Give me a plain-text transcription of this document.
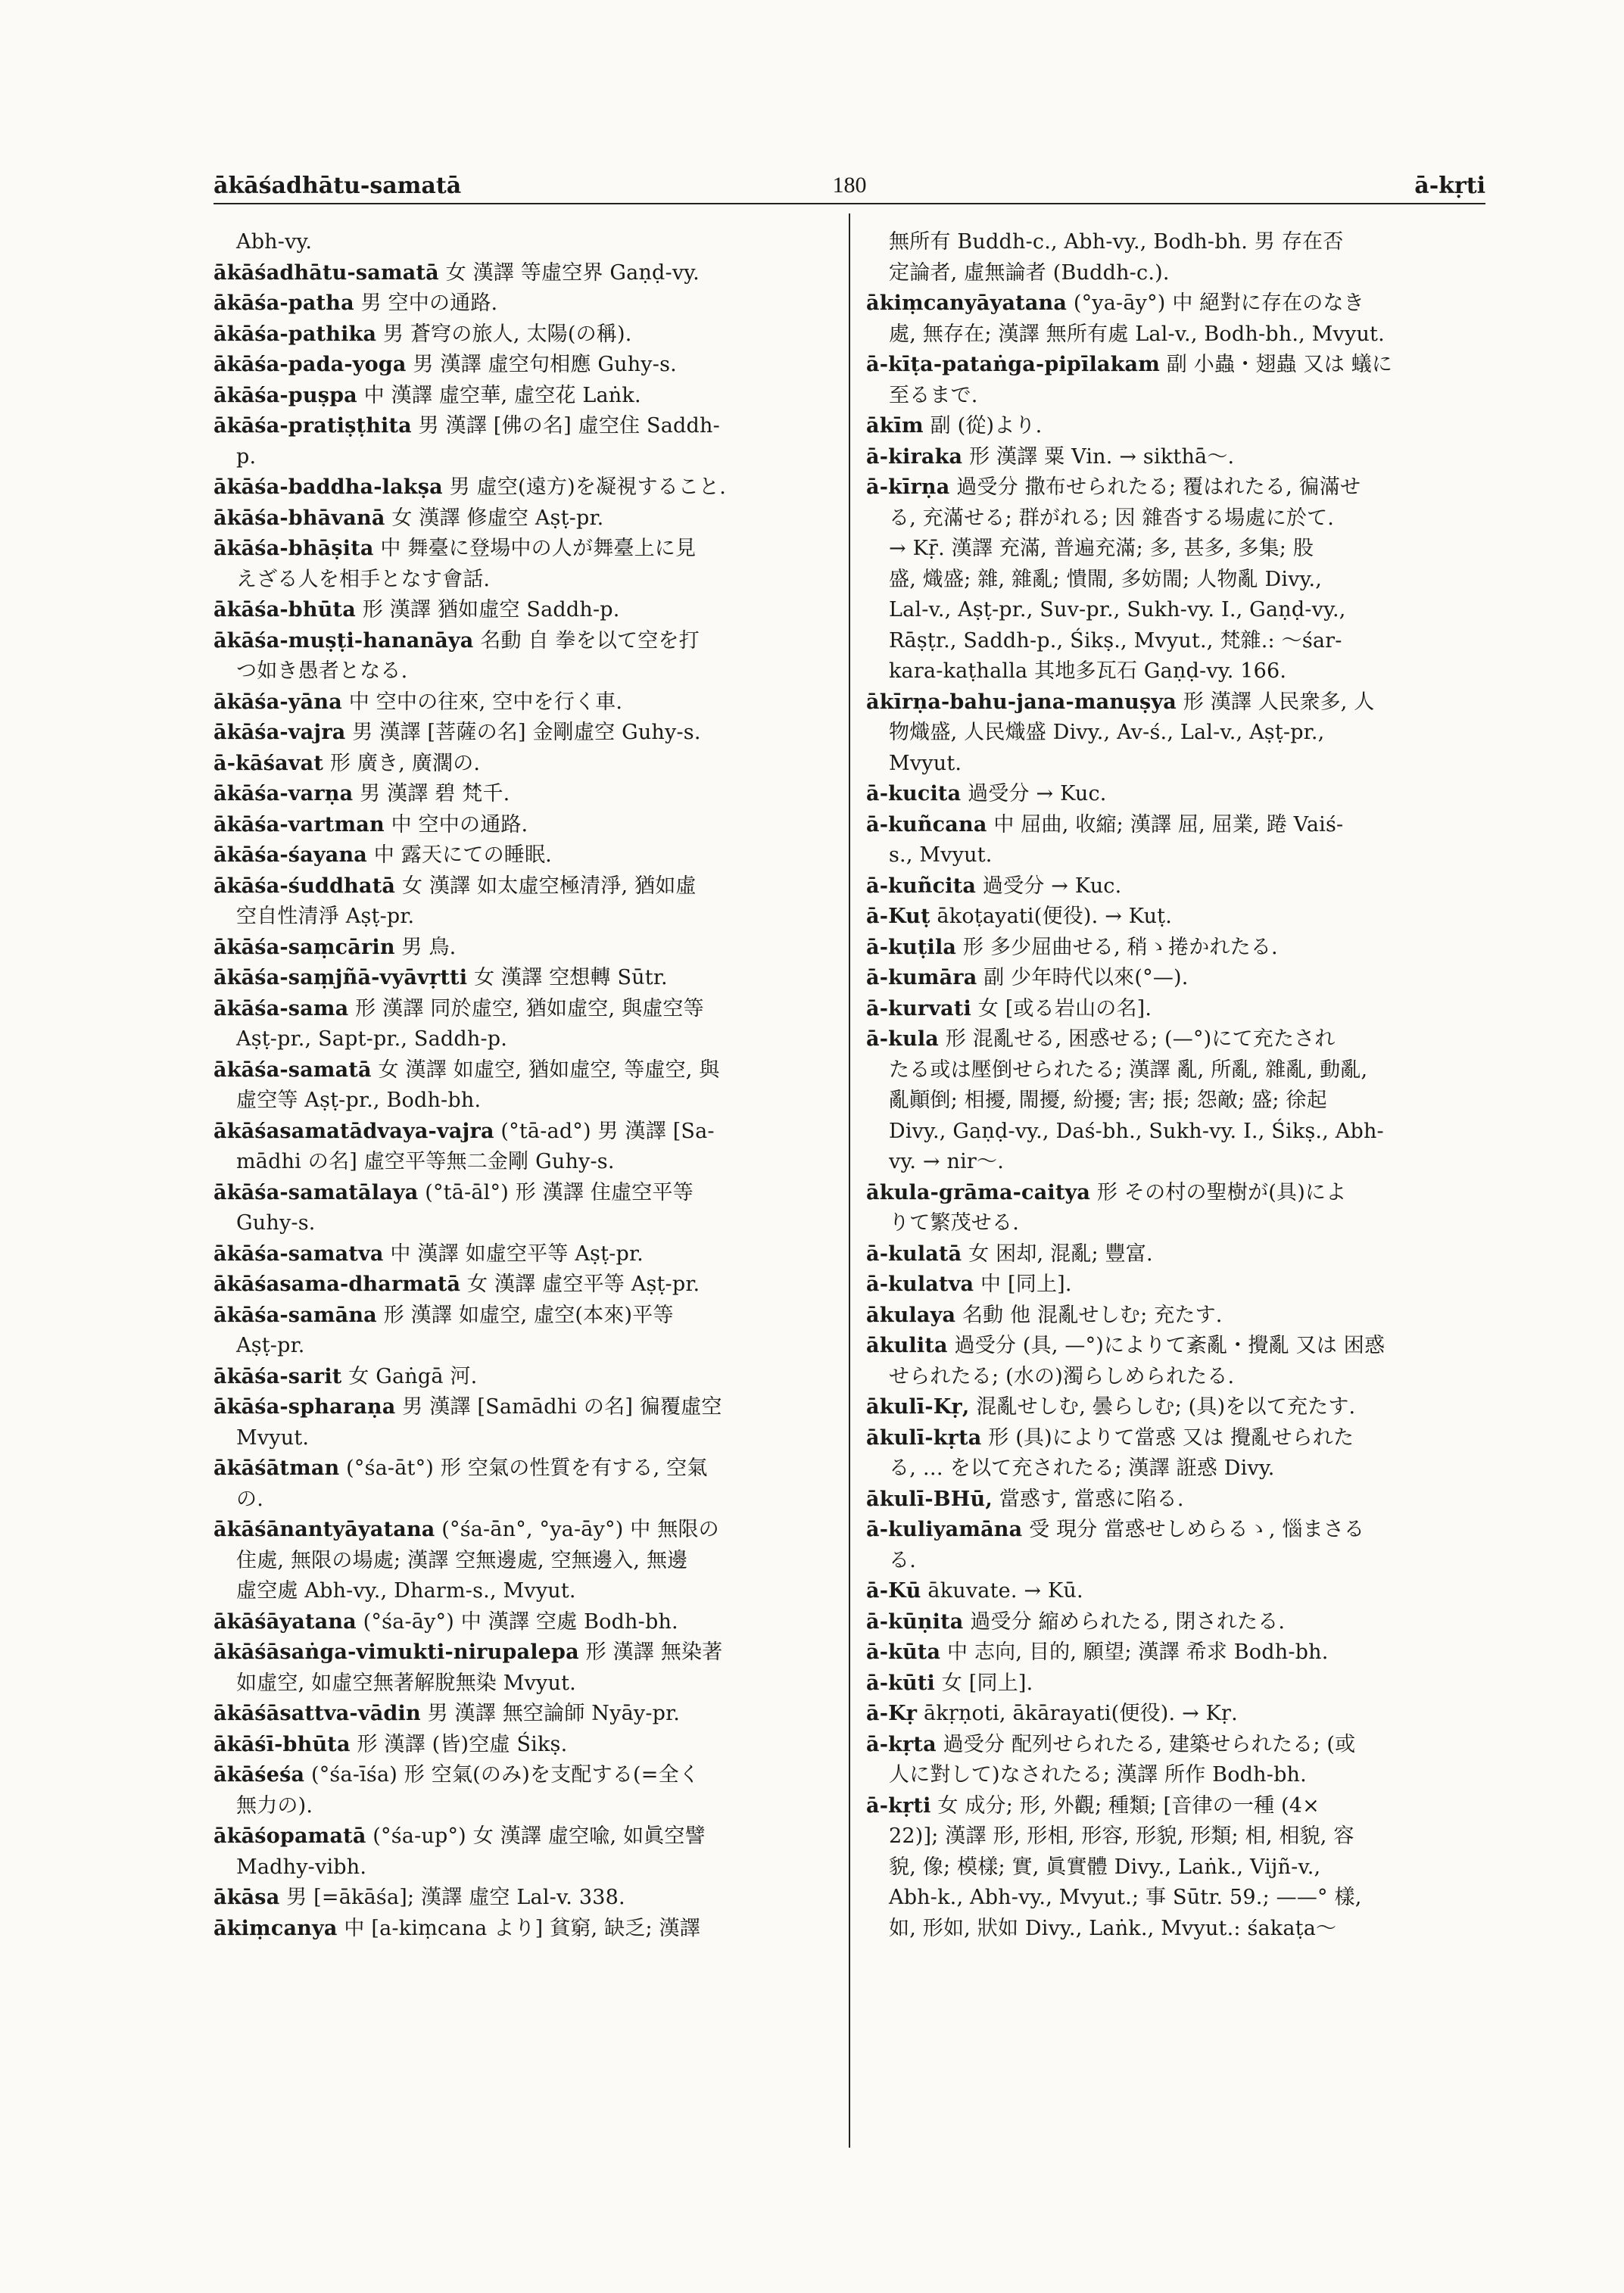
ākāśadhātu-samatā	180	ā-kṛti
Abh-vy.
ākāśadhātu-samatā 女 漢譯 等虛空界 Gaṇḍ-vy.
ākāśa-patha 男 空中の通路.
ākāśa-pathika 男 蒼穹の旅人, 太陽(の稱).
ākāśa-pada-yoga 男 漢譯 虛空句相應 Guhy-s.
ākāśa-puṣpa 中 漢譯 虛空華, 虛空花 Laṅk.
ākāśa-pratiṣṭhita 男 漢譯 [佛の名] 虛空住 Saddh-
p.
ākāśa-baddha-lakṣa 男 虛空(遠方)を凝視すること.
ākāśa-bhāvanā 女 漢譯 修虛空 Aṣṭ-pr.
ākāśa-bhāṣita 中 舞臺に登場中の人が舞臺上に見
えざる人を相手となす會話.
ākāśa-bhūta 形 漢譯 猶如虛空 Saddh-p.
ākāśa-muṣṭi-hananāya 名動 自 拳を以て空を打
つ如き愚者となる.
ākāśa-yāna 中 空中の往來, 空中を行く車.
ākāśa-vajra 男 漢譯 [菩薩の名] 金剛虛空 Guhy-s.
ā-kāśavat 形 廣き, 廣濶の.
ākāśa-varṇa 男 漢譯 碧 梵千.
ākāśa-vartman 中 空中の通路.
ākāśa-śayana 中 露天にての睡眠.
ākāśa-śuddhatā 女 漢譯 如太虛空極清淨, 猶如虛
空自性清淨 Aṣṭ-pr.
ākāśa-saṃcārin 男 鳥.
ākāśa-saṃjñā-vyāvṛtti 女 漢譯 空想轉 Sūtr.
ākāśa-sama 形 漢譯 同於虛空, 猶如虛空, 與虛空等
Aṣṭ-pr., Sapt-pr., Saddh-p.
ākāśa-samatā 女 漢譯 如虛空, 猶如虛空, 等虛空, 與
虛空等 Aṣṭ-pr., Bodh-bh.
ākāśasamatādvaya-vajra (°tā-ad°) 男 漢譯 [Sa-
mādhi の名] 虛空平等無二金剛 Guhy-s.
ākāśa-samatālaya (°tā-āl°) 形 漢譯 住虛空平等
Guhy-s.
ākāśa-samatva 中 漢譯 如虛空平等 Aṣṭ-pr.
ākāśasama-dharmatā 女 漢譯 虛空平等 Aṣṭ-pr.
ākāśa-samāna 形 漢譯 如虛空, 虛空(本來)平等
Aṣṭ-pr.
ākāśa-sarit 女 Gaṅgā 河.
ākāśa-spharaṇa 男 漢譯 [Samādhi の名] 徧覆虛空
Mvyut.
ākāśātman (°śa-āt°) 形 空氣の性質を有する, 空氣
の.
ākāśānantyāyatana (°śa-ān°, °ya-āy°) 中 無限の
住處, 無限の場處; 漢譯 空無邊處, 空無邊入, 無邊
虛空處 Abh-vy., Dharm-s., Mvyut.
ākāśāyatana (°śa-āy°) 中 漢譯 空處 Bodh-bh.
ākāśāsaṅga-vimukti-nirupalepa 形 漢譯 無染著
如虛空, 如虛空無著解脫無染 Mvyut.
ākāśāsattva-vādin 男 漢譯 無空論師 Nyāy-pr.
ākāśī-bhūta 形 漢譯 (皆)空虛 Śikṣ.
ākāśeśa (°śa-īśa) 形 空氣(のみ)を支配する(=全く
無力の).
ākāśopamatā (°śa-up°) 女 漢譯 虛空喩, 如眞空譬
Madhy-vibh.
ākāsa 男 [=ākāśa]; 漢譯 虛空 Lal-v. 338.
ākiṃcanya 中 [a-kiṃcana より] 貧窮, 缺乏; 漢譯
無所有 Buddh-c., Abh-vy., Bodh-bh. 男 存在否
定論者, 虛無論者 (Buddh-c.).
ākiṃcanyāyatana (°ya-āy°) 中 絕對に存在のなき
處, 無存在; 漢譯 無所有處 Lal-v., Bodh-bh., Mvyut.
ā-kīṭa-pataṅga-pipīlakam 副 小蟲・翅蟲 又は 蟻に
至るまで.
ākīm 副 (從)より.
ā-kiraka 形 漢譯 粟 Vin. → sikthā〜.
ā-kīrṇa 過受分 撒布せられたる; 覆はれたる, 徧滿せ
る, 充滿せる; 群がれる; 因 雜沓する場處に於て.
→ Kṝ. 漢譯 充滿, 普遍充滿; 多, 甚多, 多集; 股
盛, 熾盛; 雜, 雜亂; 憒閙, 多妨閙; 人物亂 Divy.,
Lal-v., Aṣṭ-pr., Suv-pr., Sukh-vy. I., Gaṇḍ-vy.,
Rāṣṭr., Saddh-p., Śikṣ., Mvyut., 梵雜.: 〜śar-
kara-kaṭhalla 其地多瓦石 Gaṇḍ-vy. 166.
ākīrṇa-bahu-jana-manuṣya 形 漢譯 人民衆多, 人
物熾盛, 人民熾盛 Divy., Av-ś., Lal-v., Aṣṭ-pr.,
Mvyut.
ā-kucita 過受分 → Kuc.
ā-kuñcana 中 屈曲, 收縮; 漢譯 屈, 屈業, 踡 Vaiś-
s., Mvyut.
ā-kuñcita 過受分 → Kuc.
ā-Kuṭ ākoṭayati(便役). → Kuṭ.
ā-kuṭila 形 多少屈曲せる, 稍ゝ捲かれたる.
ā-kumāra 副 少年時代以來(°—).
ā-kurvati 女 [或る岩山の名].
ā-kula 形 混亂せる, 困惑せる; (—°)にて充たされ
たる或は壓倒せられたる; 漢譯 亂, 所亂, 雜亂, 動亂,
亂顚倒; 相擾, 閙擾, 紛擾; 害; 掁; 怨敵; 盛; 徐起
Divy., Gaṇḍ-vy., Daś-bh., Sukh-vy. I., Śikṣ., Abh-
vy. → nir〜.
ākula-grāma-caitya 形 その村の聖樹が(具)によ
りて繁茂せる.
ā-kulatā 女 困却, 混亂; 豐富.
ā-kulatva 中 [同上].
ākulaya 名動 他 混亂せしむ; 充たす.
ākulita 過受分 (具, —°)によりて紊亂・攪亂 又は 困惑
せられたる; (水の)濁らしめられたる.
ākulī-Kṛ, 混亂せしむ, 曇らしむ; (具)を以て充たす.
ākulī-kṛta 形 (具)によりて當惑 又は 攪亂せられた
る, … を以て充されたる; 漢譯 誑惑 Divy.
ākulī-BHū, 當惑す, 當惑に陷る.
ā-kuliyamāna 受 現分 當惑せしめらるゝ, 惱まさる
る.
ā-Kū ākuvate. → Kū.
ā-kūṇita 過受分 縮められたる, 閉されたる.
ā-kūta 中 志向, 目的, 願望; 漢譯 希求 Bodh-bh.
ā-kūti 女 [同上].
ā-Kṛ ākṛṇoti, ākārayati(便役). → Kṛ.
ā-kṛta 過受分 配列せられたる, 建築せられたる; (或
人に對して)なされたる; 漢譯 所作 Bodh-bh.
ā-kṛti 女 成分; 形, 外觀; 種類; [音律の一種 (4×
22)]; 漢譯 形, 形相, 形容, 形貌, 形類; 相, 相貌, 容
貌, 像; 模樣; 實, 眞實體 Divy., Laṅk., Vijñ-v.,
Abh-k., Abh-vy., Mvyut.; 事 Sūtr. 59.; ——° 樣,
如, 形如, 狀如 Divy., Laṅk., Mvyut.: śakaṭa〜
